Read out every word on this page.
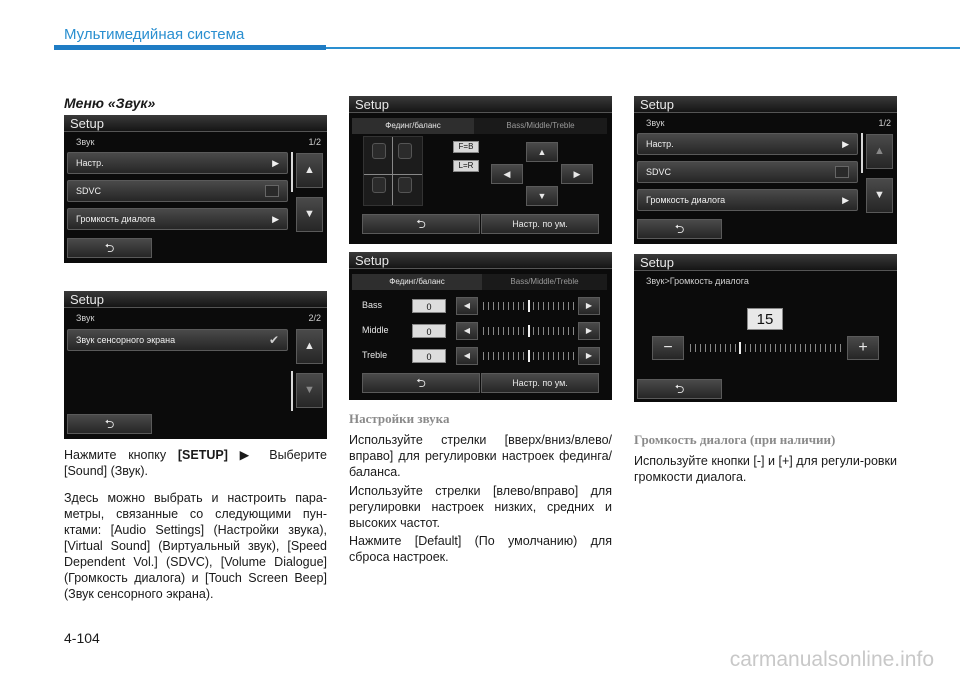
Мультимедийная система
Меню «Звук»
Setup
Звук	1/2
Настр.	▶
SDVC
Громкость диалога	▶
▲
▼
⮌
Setup
Звук	2/2
Звук сенсорного экрана	✔	▲
▼
⮌
Setup
Фединг/баланс	Bass/Middle/Treble
F=B
L=R
▲
◀	▶
▼
⮌	Настр. по ум.
Setup
Фединг/баланс	Bass/Middle/Treble
Bass	0	◀	▶
Middle	0	◀	▶
Treble	0	◀	▶
⮌	Настр. по ум.
Setup
Звук	1/2
Настр.	▶
SDVC
Громкость диалога	▶
▲
▼
⮌
Setup
Звук>Громкость диалога
15
−	+
⮌
Нажмите кнопку [SETUP] ▶ Выберите [Sound] (Звук).
Здесь можно выбрать и настроить пара-метры, связанные со следующими пун-ктами: [Audio Settings] (Настройки звука), [Virtual Sound] (Виртуальный звук), [Speed Dependent Vol.] (SDVC), [Volume Dialogue] (Громкость диалога) и [Touch Screen Beep] (Звук сенсорного экрана).
Настройки звука
Используйте стрелки [вверх/вниз/влево/вправо] для регулировки настроек фединга/баланса.
Используйте стрелки [влево/вправо] для регулировки настроек низких, средних и высоких частот.
Нажмите [Default] (По умолчанию) для сброса настроек.
Громкость диалога (при наличии)
Используйте кнопки [-] и [+] для регули-ровки громкости диалога.
4-104
carmanualsonline.info
